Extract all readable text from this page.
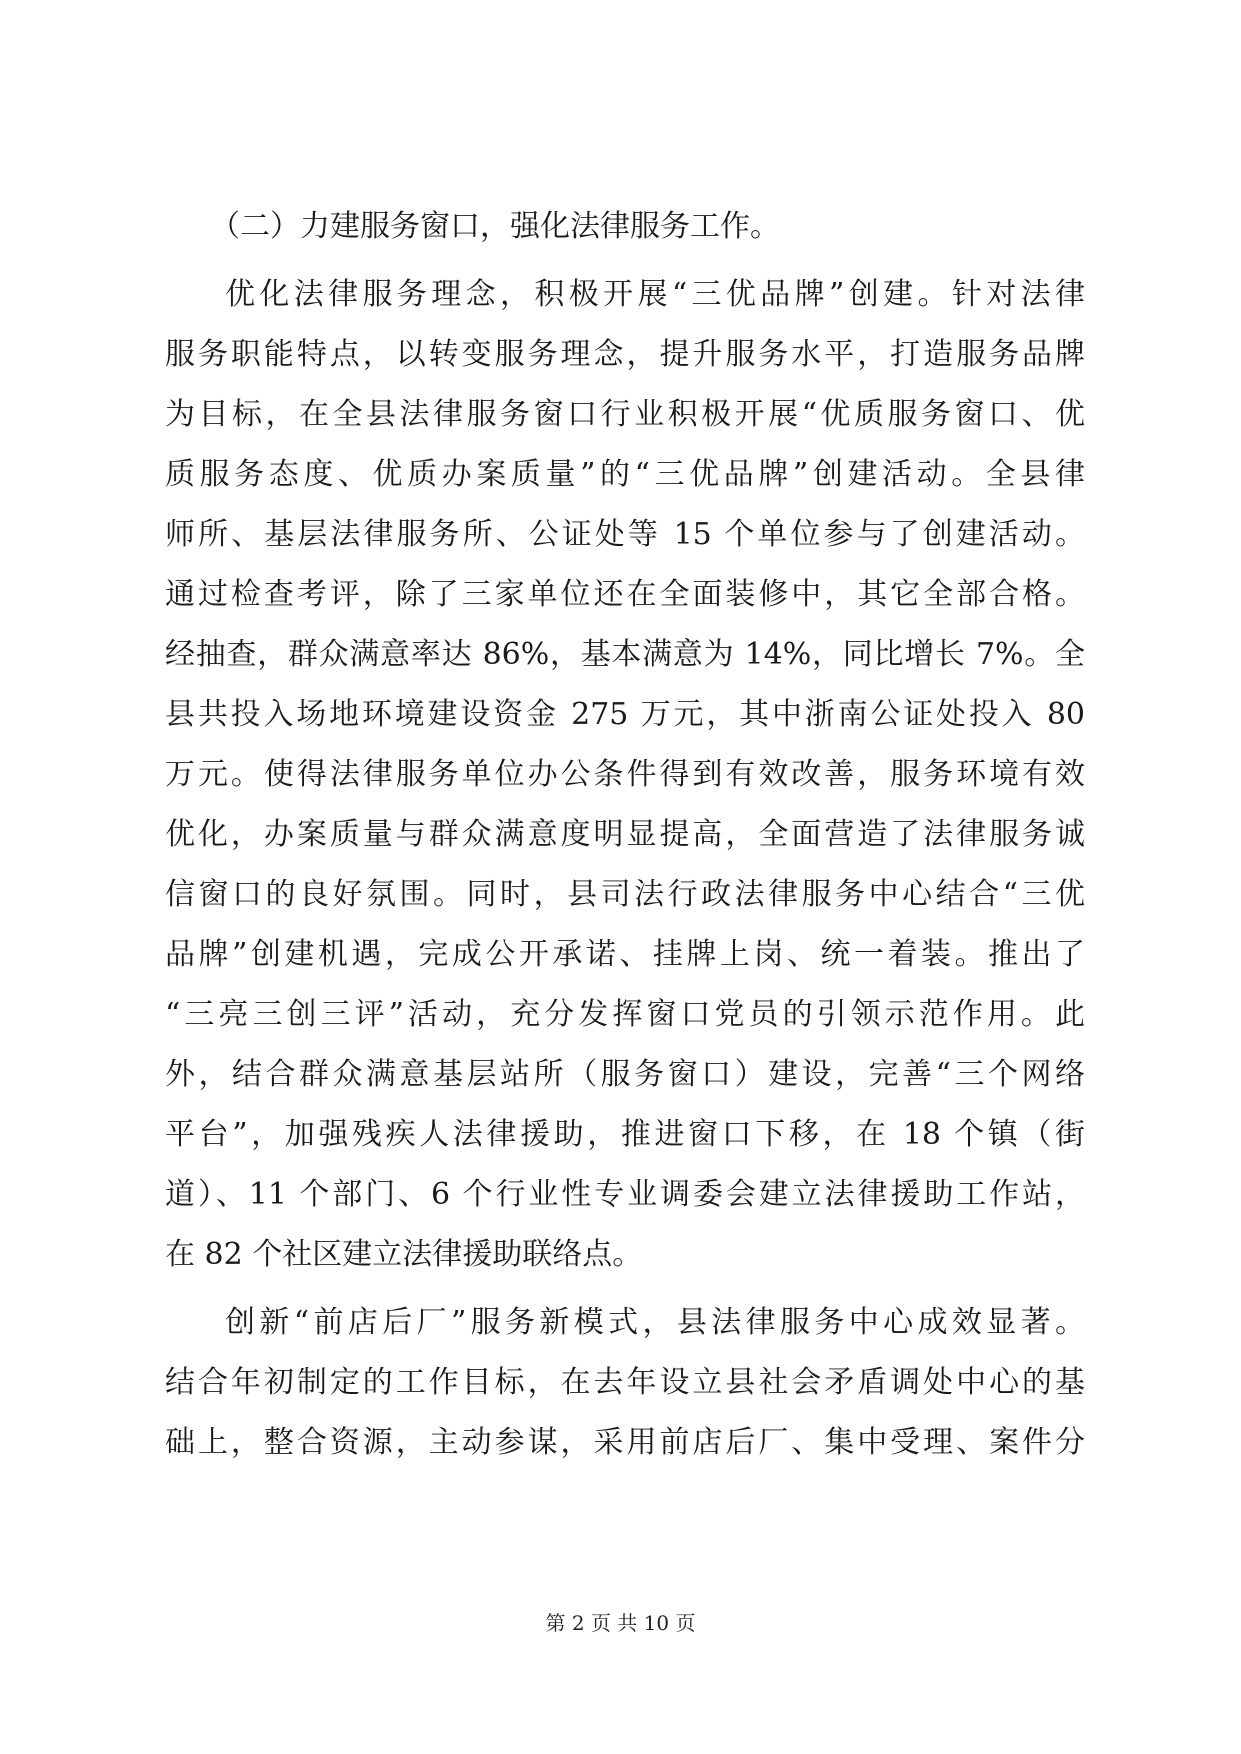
（二）力建服务窗口，强化法律服务工作。
优化法律服务理念，积极开展“三优品牌”创建。针对法律
服务职能特点，以转变服务理念，提升服务水平，打造服务品牌
为目标，在全县法律服务窗口行业积极开展“优质服务窗口、优
质服务态度、优质办案质量”的“三优品牌”创建活动。全县律
师所、基层法律服务所、公证处等 15 个单位参与了创建活动。
通过检查考评，除了三家单位还在全面装修中，其它全部合格。
经抽查，群众满意率达 86%，基本满意为 14%，同比增长 7%。全
县共投入场地环境建设资金 275 万元，其中浙南公证处投入 80
万元。使得法律服务单位办公条件得到有效改善，服务环境有效
优化，办案质量与群众满意度明显提高，全面营造了法律服务诚
信窗口的良好氛围。同时，县司法行政法律服务中心结合“三优
品牌”创建机遇，完成公开承诺、挂牌上岗、统一着装。推出了
“三亮三创三评”活动，充分发挥窗口党员的引领示范作用。此
外，结合群众满意基层站所（服务窗口）建设，完善“三个网络
平台”，加强残疾人法律援助，推进窗口下移，在 18 个镇（街
道）、11 个部门、6 个行业性专业调委会建立法律援助工作站，
在 82 个社区建立法律援助联络点。
创新“前店后厂”服务新模式，县法律服务中心成效显著。
结合年初制定的工作目标，在去年设立县社会矛盾调处中心的基
础上，整合资源，主动参谋，采用前店后厂、集中受理、案件分
第 2 页 共 10 页
